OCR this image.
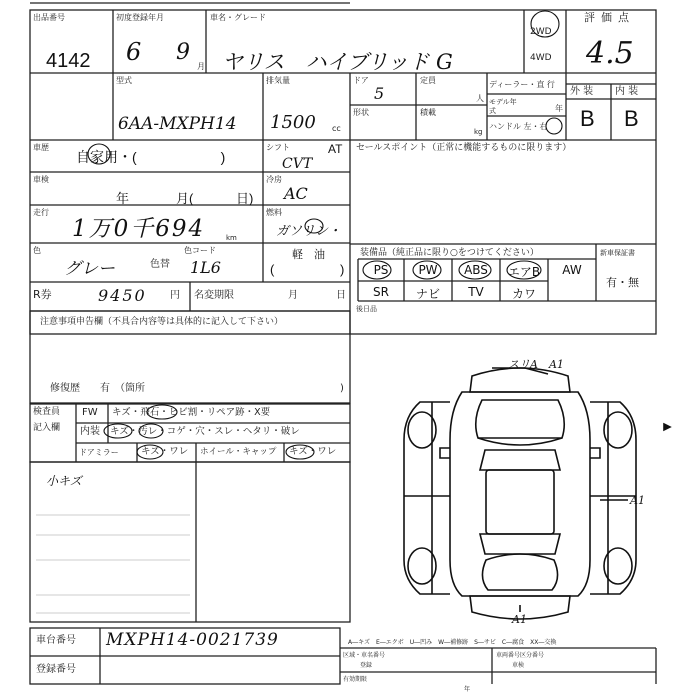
出品番号
4142
初度登録年月
6 9
月
車名・グレード
ヤリス　ハイブリッド G
2WD
4WD
評価点
4.5
型式
6AA-MXPH14
排気量
1500 cc
ドア
5
定員
人
形状	積載
kg
ディーラー・直 行
モデル年式	年
ハンドル 左・右
外 装 内 装
B B
車歴
自家用・(　　　　　　)
シフト	AT
CVT
セールスポイント（正常に機能するものに限ります）
車検
年	月(	日)
冷房
AC
走行
1万0千694	km
燃料
ガソリン・
軽　油
色
グレー	色替
色コード
1L6	(	)
装備品（純正品に限り○をつけてください）	新車保証書
有・無
PS	PW	ABS	エアB	AW
SR	ナビ	TV	カワ
R券	9450 円 名変期限	月	日
後日品
注意事項申告欄（不具合内容等は具体的に記入して下さい）
修復歴　　有　（箇所	)
検査員
記入欄
FW キズ・飛石・ヒビ割・リペア跡・X要
内装 キズ・汚レ・コゲ・穴・スレ・ヘタリ・破レ
ドアミラー キズ・ワレ ホイール・キャップ キズ・ワレ
小キズ
スリA　A1
A1
A1
A―キズ　E―エクボ　U―凹み　W―補修跡　S―サビ　C―腐食　XX―交換
車台番号 MXPH14-0021739
登録番号
区域・車名番号
登録
車両番号区分番号
車検
有効期限
年
